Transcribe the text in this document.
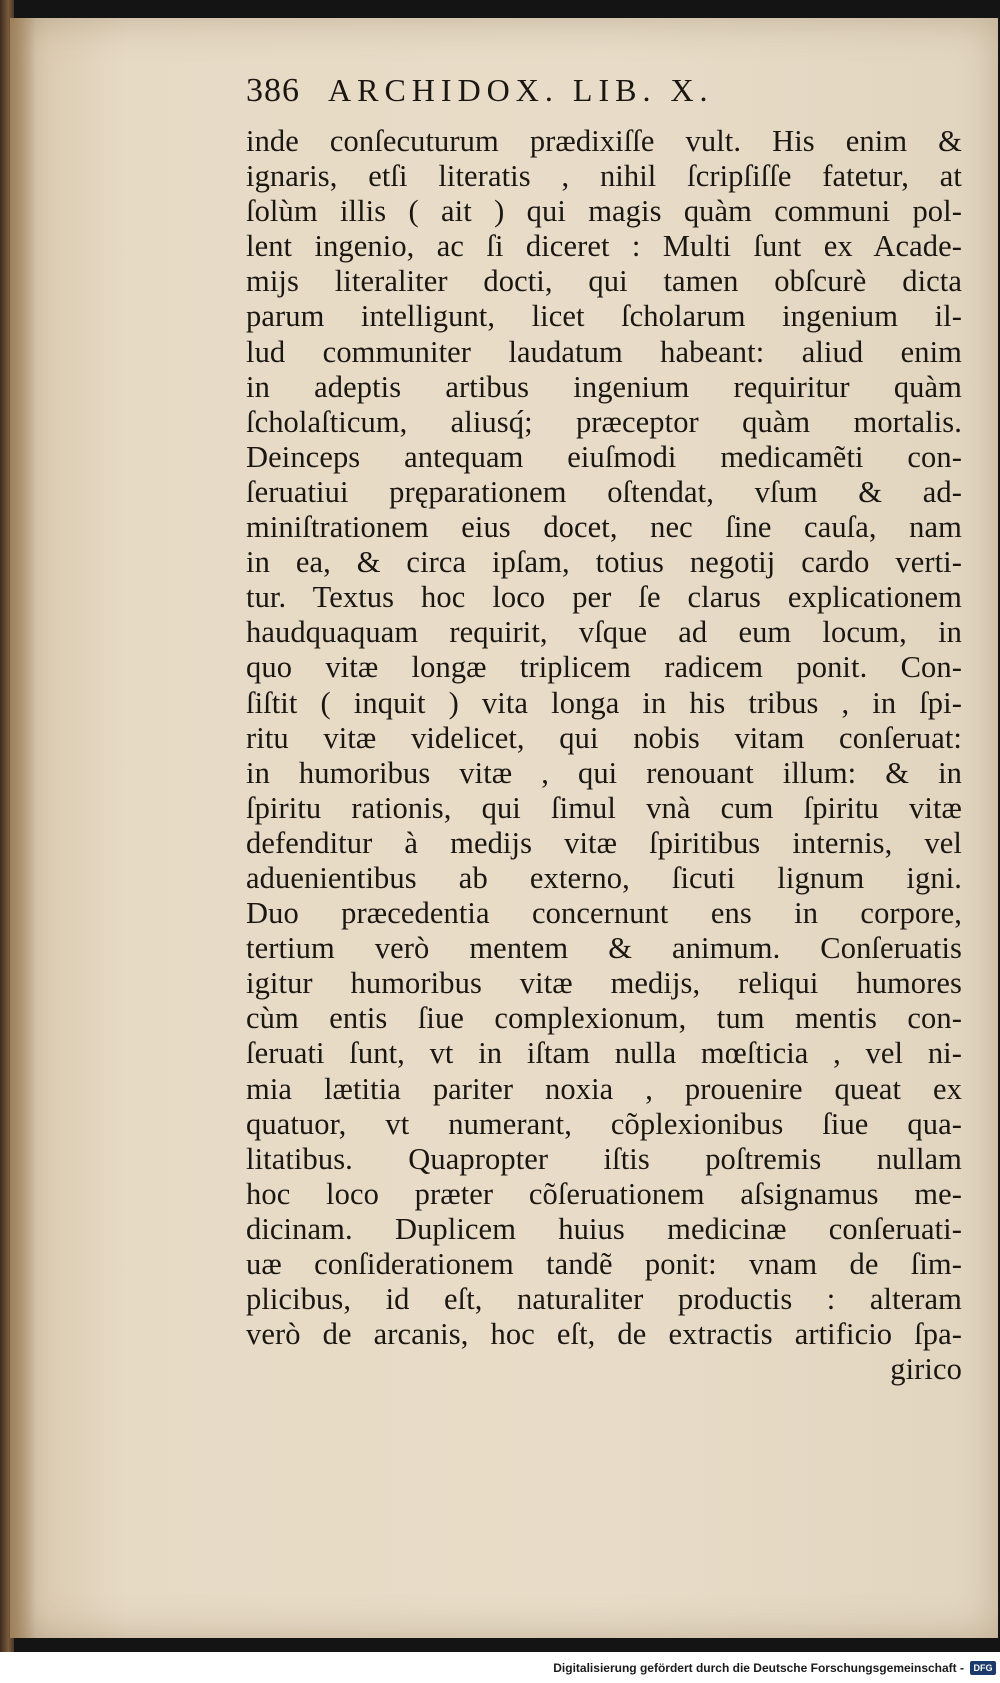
386 ARCHIDOX. LIB. X.
inde conſecuturum prædixiſſe vult. His enim &
ignaris, etſi literatis , nihil ſcripſiſſe fatetur, at
ſolùm illis ( ait ) qui magis quàm communi pol-
lent ingenio, ac ſi diceret : Multi ſunt ex Acade-
mijs literaliter docti, qui tamen obſcurè dicta
parum intelligunt, licet ſcholarum ingenium il-
lud communiter laudatum habeant: aliud enim
in adeptis artibus ingenium requiritur quàm
ſcholaſticum, aliusq́; præceptor quàm mortalis.
Deinceps antequam eiuſmodi medicamẽti con-
ſeruatiui pręparationem oſtendat, vſum & ad-
miniſtrationem eius docet, nec ſine cauſa, nam
in ea, & circa ipſam, totius negotij cardo verti-
tur. Textus hoc loco per ſe clarus explicationem
haudquaquam requirit, vſque ad eum locum, in
quo vitæ longæ triplicem radicem ponit. Con-
ſiſtit ( inquit ) vita longa in his tribus , in ſpi-
ritu vitæ videlicet, qui nobis vitam conſeruat:
in humoribus vitæ , qui renouant illum: & in
ſpiritu rationis, qui ſimul vnà cum ſpiritu vitæ
defenditur à medijs vitæ ſpiritibus internis, vel
aduenientibus ab externo, ſicuti lignum igni.
Duo præcedentia concernunt ens in corpore,
tertium verò mentem & animum. Conſeruatis
igitur humoribus vitæ medijs, reliqui humores
cùm entis ſiue complexionum, tum mentis con-
ſeruati ſunt, vt in iſtam nulla mœſticia , vel ni-
mia lætitia pariter noxia , prouenire queat ex
quatuor, vt numerant, cõplexionibus ſiue qua-
litatibus. Quapropter iſtis poſtremis nullam
hoc loco præter cõſeruationem aſsignamus me-
dicinam. Duplicem huius medicinæ conſeruati-
uæ conſiderationem tandẽ ponit: vnam de ſim-
plicibus, id eſt, naturaliter productis : alteram
verò de arcanis, hoc eſt, de extractis artificio ſpa-
girico
Digitalisierung gefördert durch die Deutsche Forschungsgemeinschaft -	DFG
